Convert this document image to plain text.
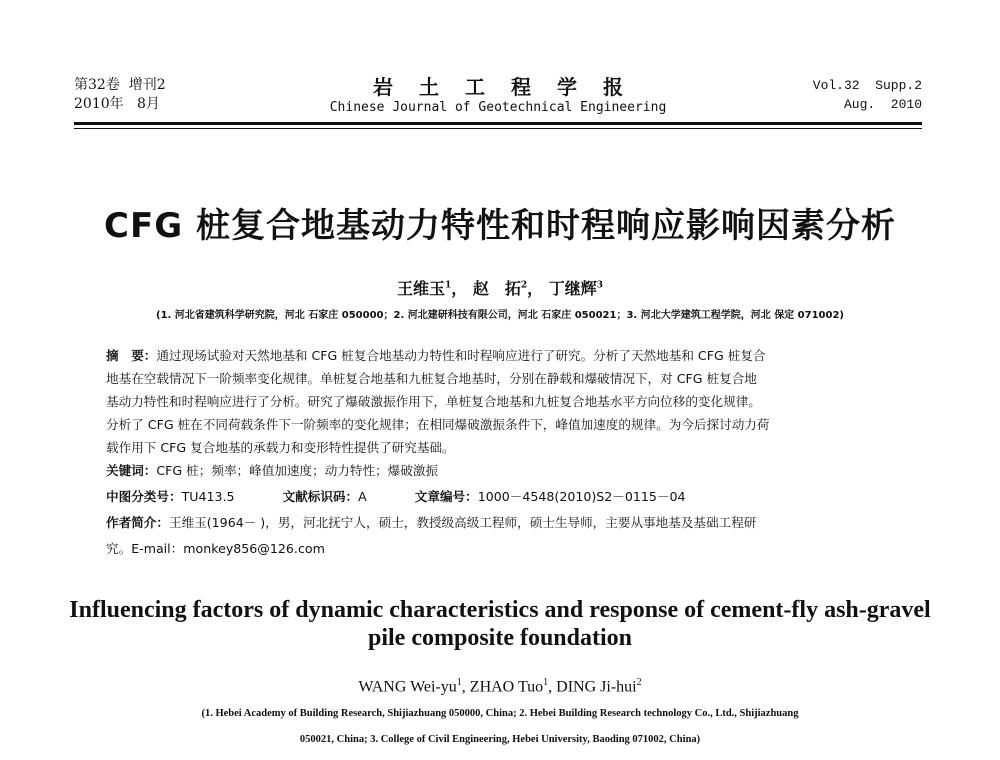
第32卷  增刊2
2010年   8月
岩土工程学报
Chinese Journal of Geotechnical Engineering
Vol.32  Supp.2
Aug.  2010
CFG 桩复合地基动力特性和时程响应影响因素分析
王维玉$^1$， 赵　拓$^2$， 丁继辉$^3$
(1. 河北省建筑科学研究院，河北 石家庄 050000；2. 河北建研科技有限公司，河北 石家庄 050021；3. 河北大学建筑工程学院，河北 保定 071002)
摘　要：通过现场试验对天然地基和 CFG 桩复合地基动力特性和时程响应进行了研究。分析了天然地基和 CFG 桩复合
地基在空载情况下一阶频率变化规律。单桩复合地基和九桩复合地基时，分别在静载和爆破情况下，对 CFG 桩复合地
基动力特性和时程响应进行了分析。研究了爆破激振作用下，单桩复合地基和九桩复合地基水平方向位移的变化规律。
分析了 CFG 桩在不同荷载条件下一阶频率的变化规律；在相同爆破激振条件下，峰值加速度的规律。为今后探讨动力荷
载作用下 CFG 复合地基的承载力和变形特性提供了研究基础。
关键词：CFG 桩；频率；峰值加速度；动力特性；爆破激振
中图分类号：TU413.5	文献标识码：A	文章编号：1000－4548(2010)S2－0115－04
作者简介：王维玉(1964－ )，男，河北抚宁人，硕士，教授级高级工程师，硕士生导师，主要从事地基及基础工程研
究。E-mail：monkey856@126.com
Influencing factors of dynamic characteristics and response of cement-fly ash-gravel
pile composite foundation
WANG Wei-$yu^1$, ZHAO Tuo$^1$, DING Ji-hui$^2$
(1. Hebei Academy of Building Research, Shijiazhuang 050000, China; 2. Hebei Building Research technology Co., Ltd., Shijiazhuang
050021, China; 3. College of Civil Engineering, Hebei University, Baoding 071002, China)
